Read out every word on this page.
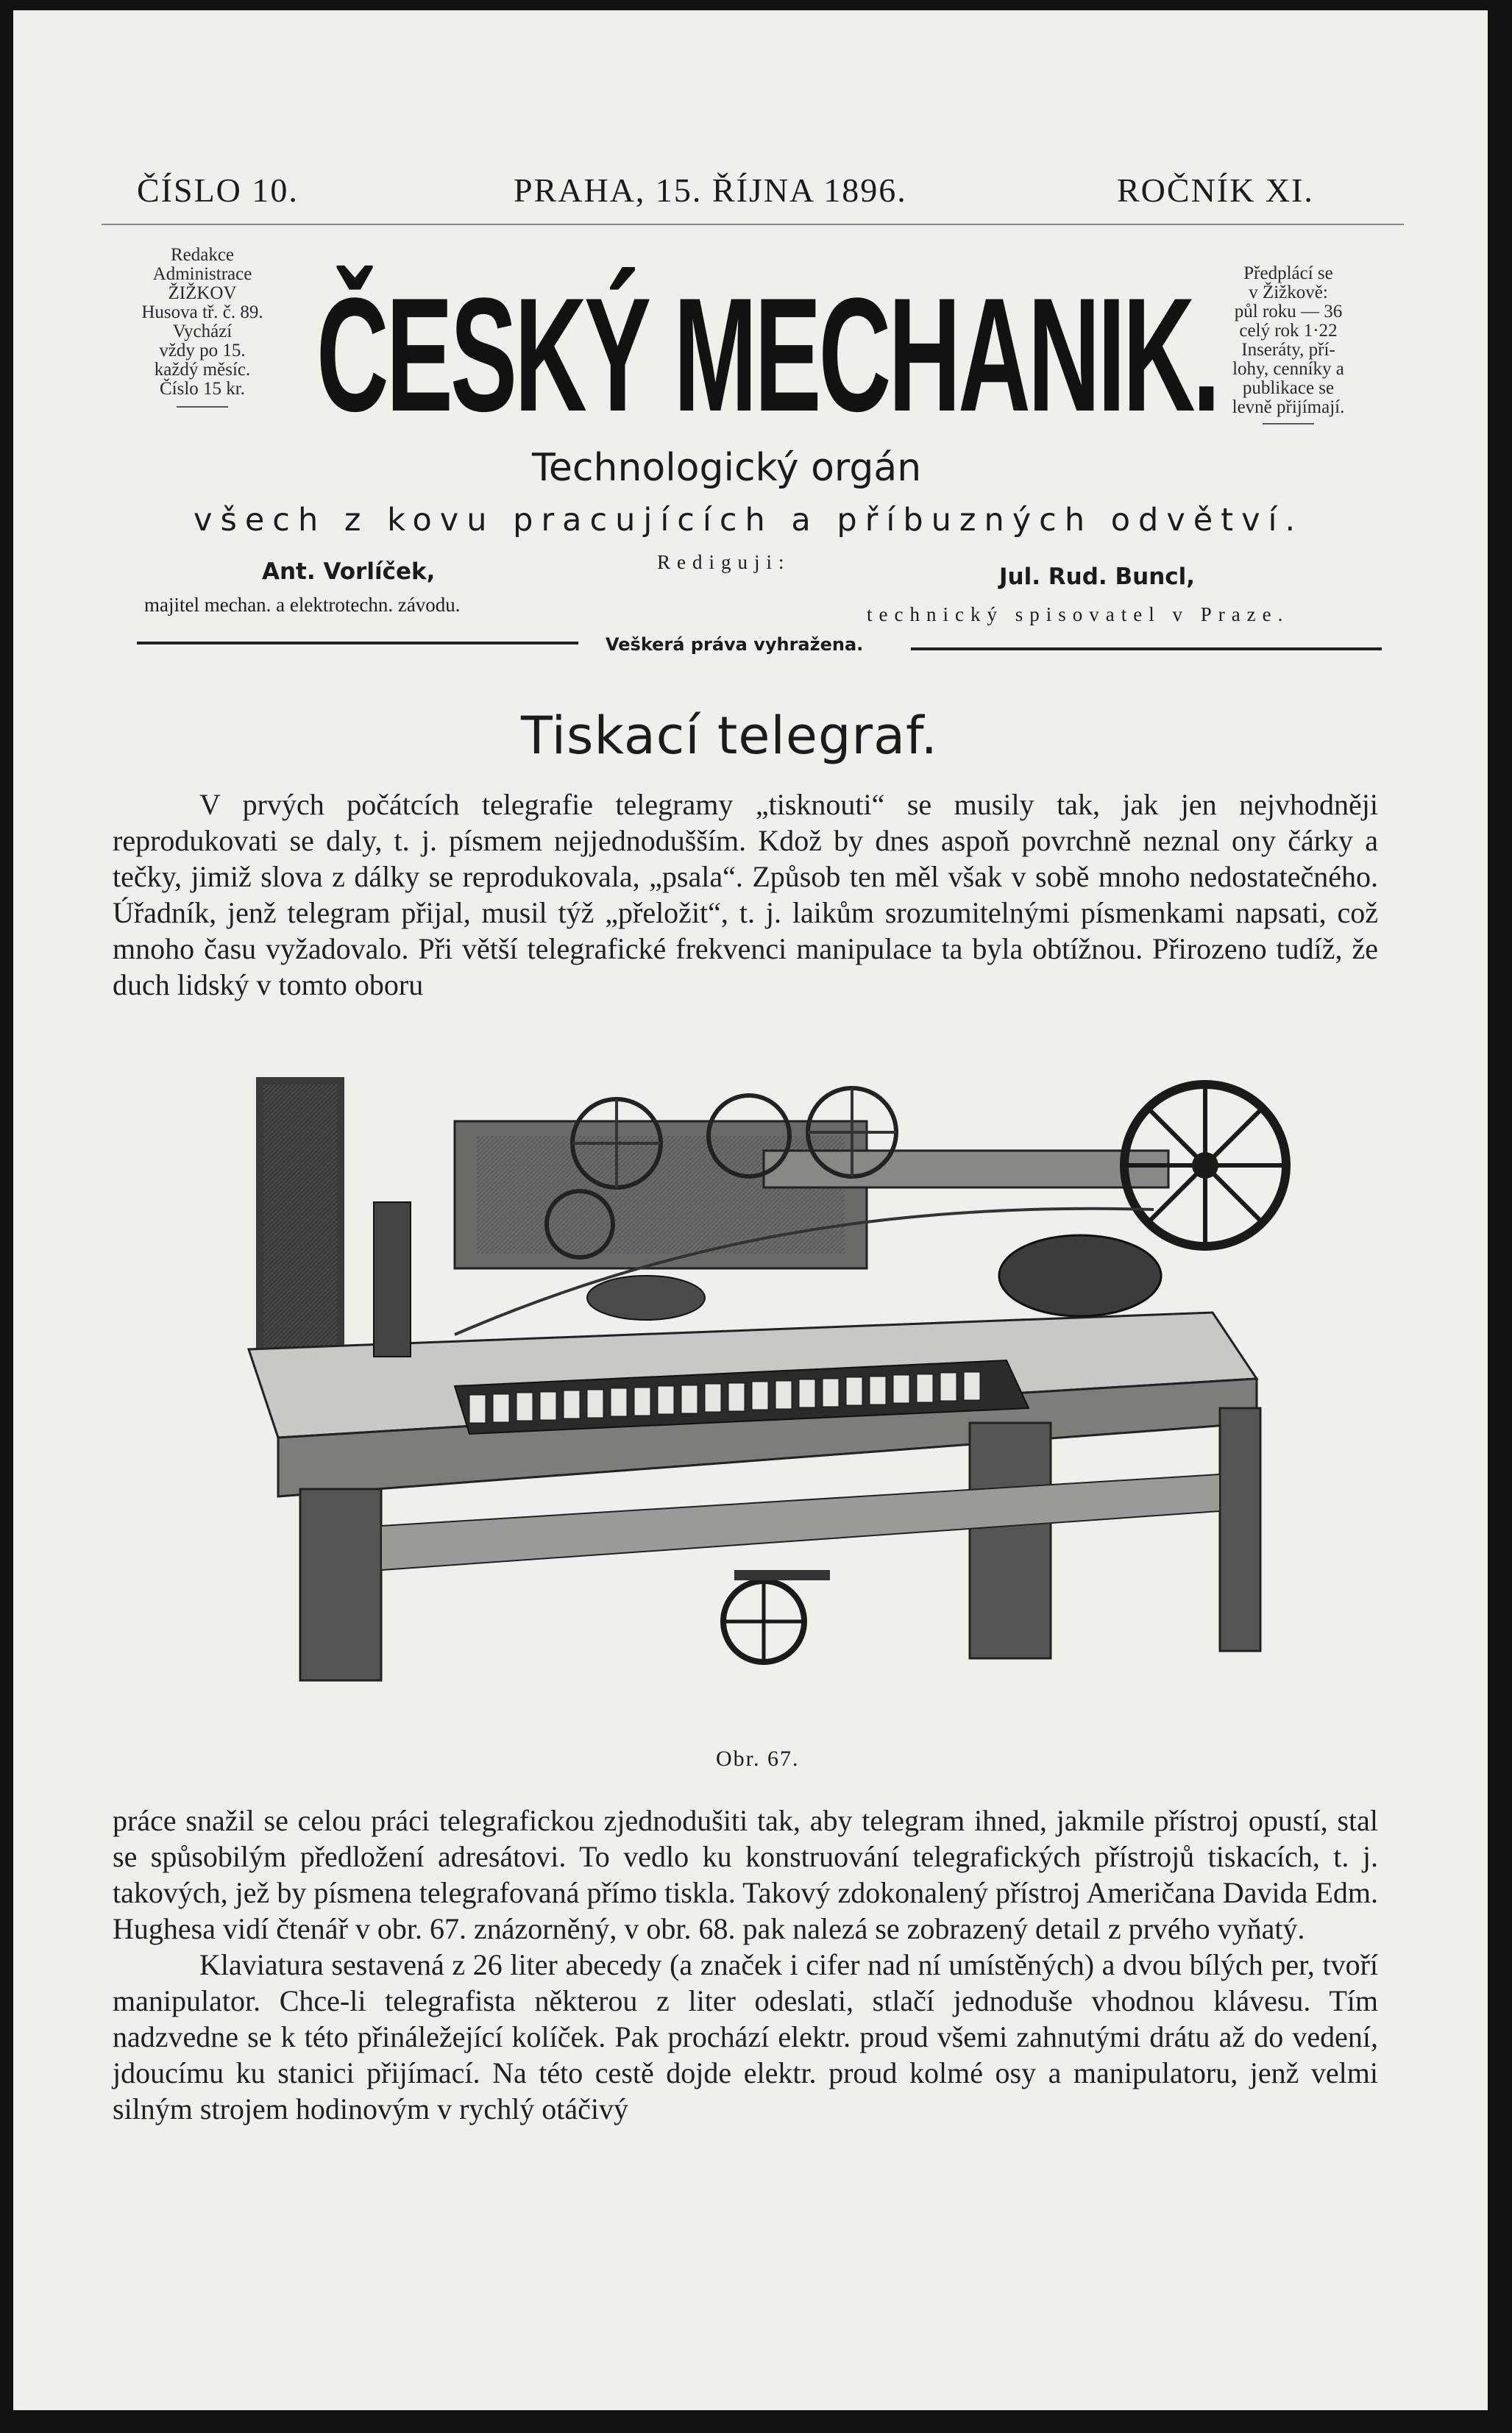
ČÍSLO 10.	PRAHA, 15. ŘÍJNA 1896.	ROČNÍK XI.
Redakce
Administrace
ŽIŽKOV
Husova tř. č. 89.
Vychází
vždy po 15.
každý měsíc.
Číslo 15 kr.
Předplácí se
v Žižkově:
půl roku — 36
celý rok 1·22
Inseráty, pří-
lohy, cenníky a
publikace se
levně přijímají.
ČESKÝ MECHANIK.
Technologický orgán
všech z kovu pracujících a příbuzných odvětví.
Ant. Vorlíček,
majitel mechan. a elektrotechn. závodu.
Rediguji:
Jul. Rud. Buncl,
technický spisovatel v Praze.
Veškerá práva vyhražena.
Tiskací telegraf.

V prvých počátcích telegrafie telegramy „tisknouti“ se musily tak, jak jen nejvhodněji reprodukovati se daly, t. j. písmem nejjednodušším. Kdož by dnes aspoň povrchně neznal ony čárky a tečky, jimiž slova z dálky se reprodukovala, „psala“. Způsob ten měl však v sobě mnoho nedostatečného. Úřadník, jenž telegram přijal, musil týž „přeložit“, t. j. laikům srozumitelnými písmenkami napsati, což mnoho času vyžadovalo. Při větší telegrafické frekvenci manipulace ta byla obtížnou. Přirozeno tudíž, že duch lidský v tomto oboru

Obr. 67.

práce snažil se celou práci telegrafickou zjednodušiti tak, aby telegram ihned, jakmile přístroj opustí, stal se spůsobilým předložení adresátovi. To vedlo ku konstruování telegrafických přístrojů tiskacích, t. j. takových, jež by písmena telegrafovaná přímo tiskla. Takový zdokonalený přístroj Američana Davida Edm. Hughesa vidí čtenář v obr. 67. znázorněný, v obr. 68. pak nalezá se zobrazený detail z prvého vyňatý.

Klaviatura sestavená z 26 liter abecedy (a značek i cifer nad ní umístěných) a dvou bílých per, tvoří manipulator. Chce-li telegrafista některou z liter odeslati, stlačí jednoduše vhodnou klávesu. Tím nadzvedne se k této přináležející kolíček. Pak prochází elektr. proud všemi zahnutými drátu až do vedení, jdoucímu ku stanici přijímací. Na této cestě dojde elektr. proud kolmé osy a manipulatoru, jenž velmi silným strojem hodinovým v rychlý otáčivý
